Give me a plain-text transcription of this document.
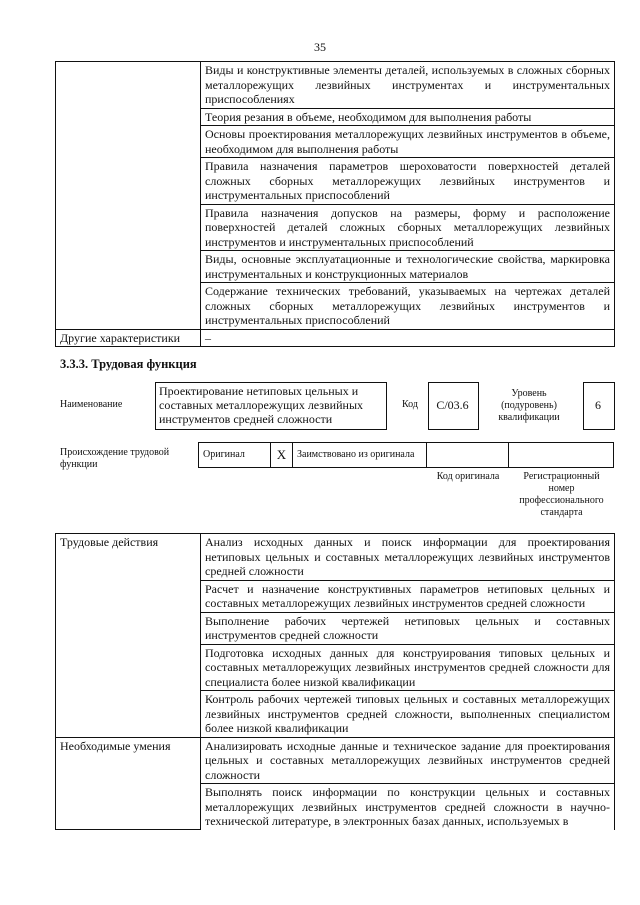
35
	Виды и конструктивные элементы деталей, используемых в сложных сборных металлорежущих лезвийных инструментах и инструментальных приспособлениях
	Теория резания в объеме, необходимом для выполнения работы
	Основы проектирования металлорежущих лезвийных инструментов в объеме, необходимом для выполнения работы
	Правила назначения параметров шероховатости поверхностей деталей сложных сборных металлорежущих лезвийных инструментов и инструментальных приспособлений
	Правила назначения допусков на размеры, форму и расположение поверхностей деталей сложных сборных металлорежущих лезвийных инструментов и инструментальных приспособлений
	Виды, основные эксплуатационные и технологические свойства, маркировка инструментальных и конструкционных материалов
	Содержание технических требований, указываемых на чертежах деталей сложных сборных металлорежущих лезвийных инструментов и инструментальных приспособлений
Другие характеристики	–
3.3.3. Трудовая функция
Наименование
Проектирование нетиповых цельных и составных металлорежущих лезвийных инструментов средней сложности
Код	С/03.6
Уровень (подуровень) квалификации
6
Происхождение трудовой функции
Оригинал	Х	Заимствовано из оригинала		
Код оригинала	Регистрационный номер профессионального стандарта
Трудовые действия	Анализ исходных данных и поиск информации для проектирования нетиповых цельных и составных металлорежущих лезвийных инструментов средней сложности
	Расчет и назначение конструктивных параметров нетиповых цельных и составных металлорежущих лезвийных инструментов средней сложности
	Выполнение рабочих чертежей нетиповых цельных и составных инструментов средней сложности
	Подготовка исходных данных для конструирования типовых цельных и составных металлорежущих лезвийных инструментов средней сложности для специалиста более низкой квалификации
	Контроль рабочих чертежей типовых цельных и составных металлорежущих лезвийных инструментов средней сложности, выполненных специалистом более низкой квалификации
Необходимые умения	Анализировать исходные данные и техническое задание для проектирования цельных и составных металлорежущих лезвийных инструментов средней сложности
	Выполнять поиск информации по конструкции цельных и составных металлорежущих лезвийных инструментов средней сложности в научно-технической литературе, в электронных базах данных, используемых в
